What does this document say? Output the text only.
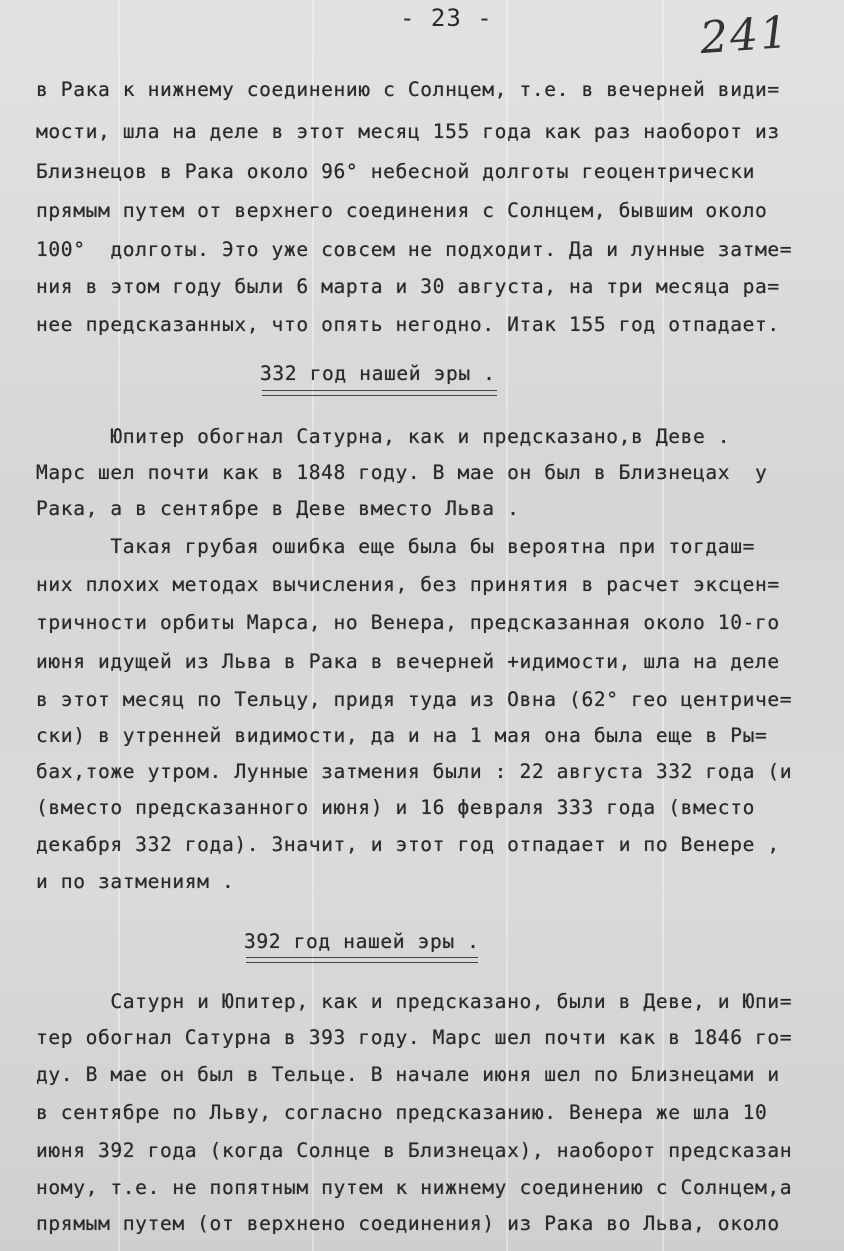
- 23 -	241
в Рака к нижнему соединению с Солнцем, т.е. в вечерней види=
мости, шла на деле в этот месяц 155 года как раз наоборот из
Близнецов в Рака около 96° небесной долготы геоцентрически
прямым путем от верхнего соединения с Солнцем, бывшим около
100°  долготы. Это уже совсем не подходит. Да и лунные затме=
ния в этом году были 6 марта и 30 августа, на три месяца ра=
нее предсказанных, что опять негодно. Итак 155 год отпадает.
332 год нашей эры .
Юпитер обогнал Сатурна, как и предсказано,в Деве .
Марс шел почти как в 1848 году. В мае он был в Близнецах  у
Рака, а в сентябре в Деве вместо Льва .
Такая грубая ошибка еще была бы вероятна при тогдаш=
них плохих методах вычисления, без принятия в расчет эксцен=
тричности орбиты Марса, но Венера, предсказанная около 10-го
июня идущей из Льва в Рака в вечерней +идимости, шла на деле
в этот месяц по Тельцу, придя туда из Овна (62° гео центриче=
ски) в утренней видимости, да и на 1 мая она была еще в Ры=
бах,тоже утром. Лунные затмения были : 22 августа 332 года (и
(вместо предсказанного июня) и 16 февраля 333 года (вместо
декабря 332 года). Значит, и этот год отпадает и по Венере ,
и по затмениям .
392 год нашей эры .
Сатурн и Юпитер, как и предсказано, были в Деве, и Юпи=
тер обогнал Сатурна в 393 году. Марс шел почти как в 1846 го=
ду. В мае он был в Тельце. В начале июня шел по Близнецами и
в сентябре по Льву, согласно предсказанию. Венера же шла 10
июня 392 года (когда Солнце в Близнецах), наоборот предсказан
ному, т.е. не попятным путем к нижнему соединению с Солнцем,а
прямым путем (от верхнено соединения) из Рака во Льва, около
